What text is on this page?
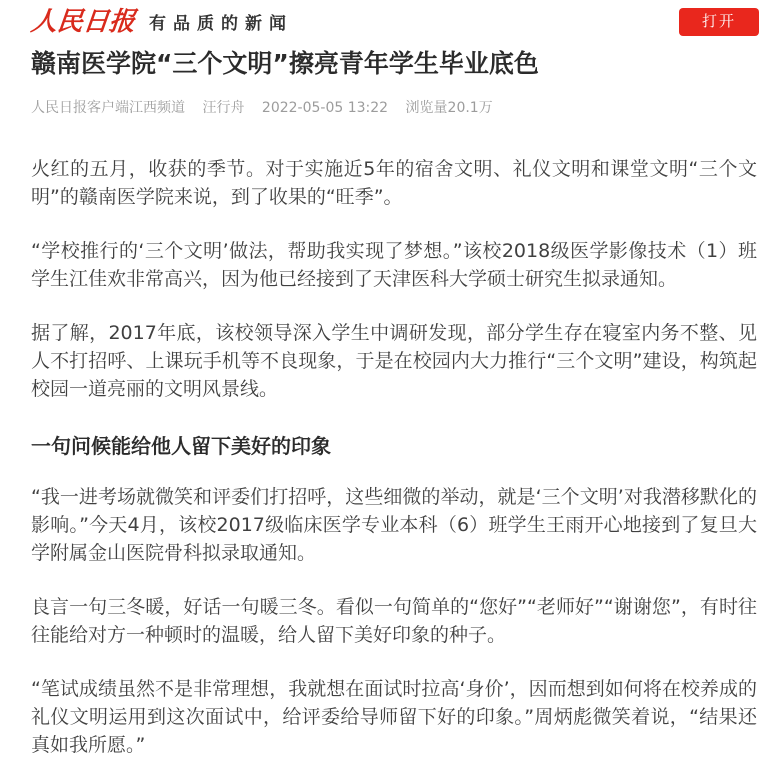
人民日报 有品质的新闻	打开
赣南医学院“三个文明”擦亮青年学生毕业底色
人民日报客户端江西频道 汪行舟 2022-05-05 13:22 浏览量20.1万

火红的五月，收获的季节。对于实施近5年的宿舍文明、礼仪文明和课堂文明“三个文明”的赣南医学院来说，到了收果的“旺季”。

“学校推行的‘三个文明’做法，帮助我实现了梦想。”该校2018级医学影像技术（1）班学生江佳欢非常高兴，因为他已经接到了天津医科大学硕士研究生拟录通知。

据了解，2017年底，该校领导深入学生中调研发现，部分学生存在寝室内务不整、见人不打招呼、上课玩手机等不良现象，于是在校园内大力推行“三个文明”建设，构筑起校园一道亮丽的文明风景线。

一句问候能给他人留下美好的印象

“我一进考场就微笑和评委们打招呼，这些细微的举动，就是‘三个文明’对我潜移默化的影响。”今天4月，该校2017级临床医学专业本科（6）班学生王雨开心地接到了复旦大学附属金山医院骨科拟录取通知。

良言一句三冬暖，好话一句暖三冬。看似一句简单的“您好”“老师好”“谢谢您”，有时往往能给对方一种顿时的温暖，给人留下美好印象的种子。

“笔试成绩虽然不是非常理想，我就想在面试时拉高‘身价’，因而想到如何将在校养成的礼仪文明运用到这次面试中，给评委给导师留下好的印象。”周炳彪微笑着说，“结果还真如我所愿。”
